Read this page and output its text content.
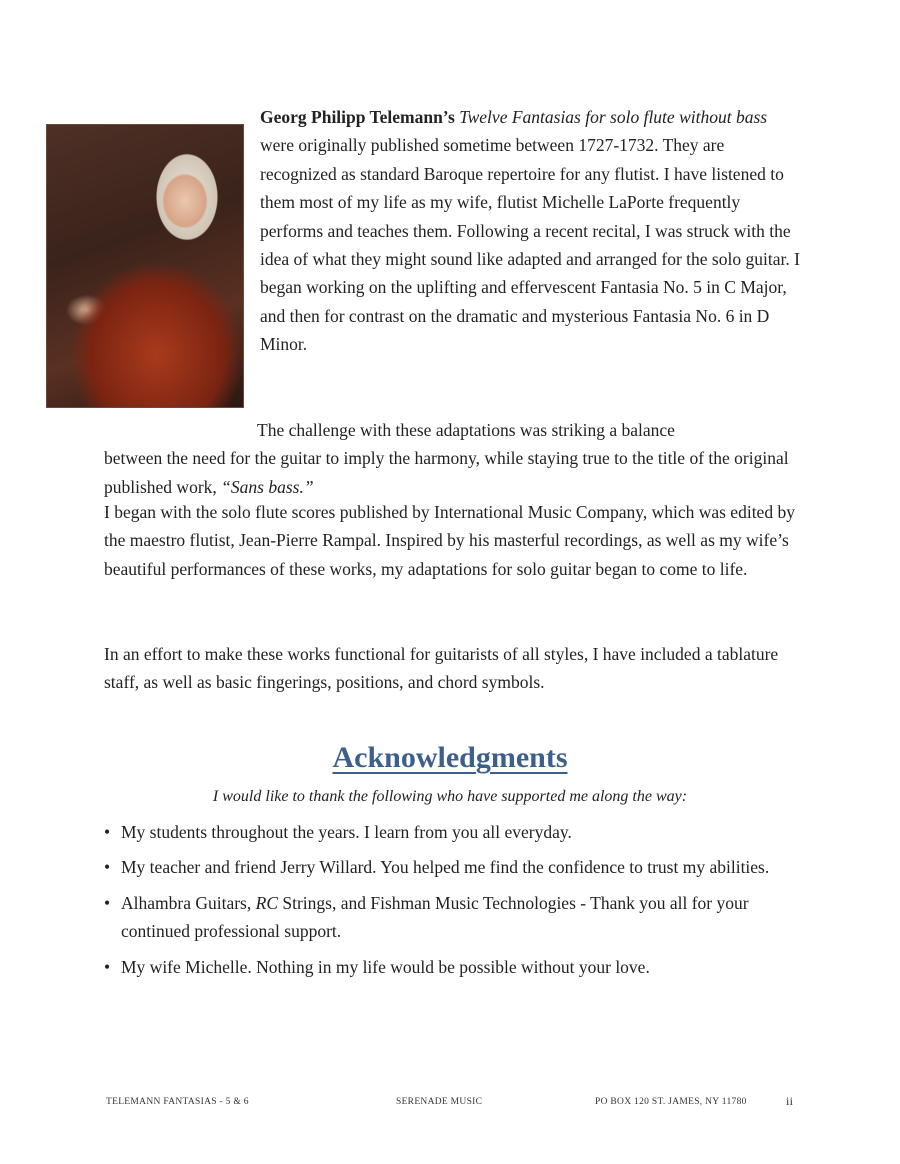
Georg Philipp Telemann’s Twelve Fantasias for solo flute without bass were originally published sometime between 1727-1732. They are recognized as standard Baroque repertoire for any flutist. I have listened to them most of my life as my wife, flutist Michelle LaPorte frequently performs and teaches them. Following a recent recital, I was struck with the idea of what they might sound like adapted and arranged for the solo guitar. I began working on the uplifting and effervescent Fantasia No. 5 in C Major, and then for contrast on the dramatic and mysterious Fantasia No. 6 in D Minor.

The challenge with these adaptations was striking a balance
between the need for the guitar to imply the harmony, while staying true to the title of the original published work, “Sans bass.”

I began with the solo flute scores published by International Music Company, which was edited by the maestro flutist, Jean-Pierre Rampal. Inspired by his masterful recordings, as well as my wife’s beautiful performances of these works, my adaptations for solo guitar began to come to life.

In an effort to make these works functional for guitarists of all styles, I have included a tablature staff, as well as basic fingerings, positions, and chord symbols.

Acknowledgments

I would like to thank the following who have supported me along the way:

• My students throughout the years. I learn from you all everyday.
• My teacher and friend Jerry Willard. You helped me find the confidence to trust my abilities.
• Alhambra Guitars, RC Strings, and Fishman Music Technologies - Thank you all for your continued professional support.
• My wife Michelle. Nothing in my life would be possible without your love.
TELEMANN FANTASIAS - 5 & 6	SERENADE MUSIC	PO BOX 120 ST. JAMES, NY 11780	ii
